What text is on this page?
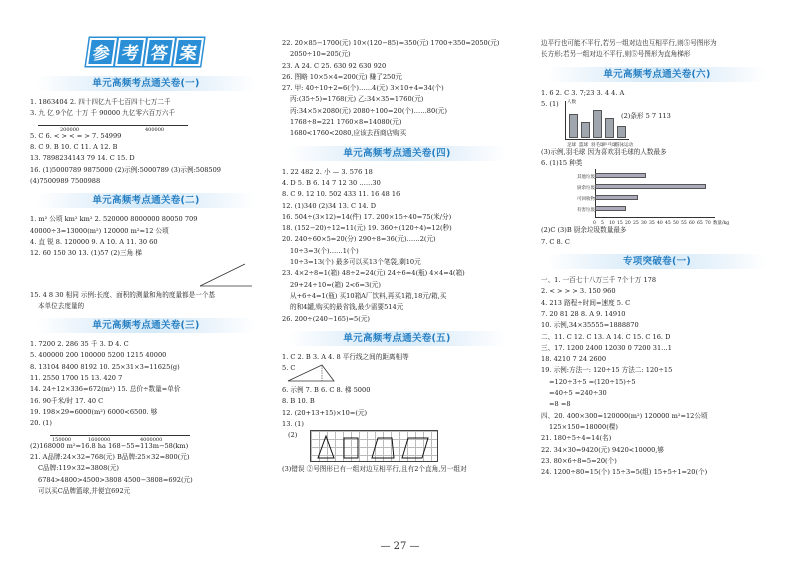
参 考 答 案
单元高频考点通关卷(一)
1. 1863404 2. 四十四亿九千七百四十七万二千
3. 九 亿 9个亿 十万 千 90000 九亿零六百万六千
200000	400000
5. C 6. < > < = > 7. 54999
8. C 9. B 10. C 11. A 12. B
13. 7898234143 79 14. C 15. D
16. (1)5000789 9875000 (2)示例:5000789 (3)示例:508509
(4)7500989 7500988
单元高频考点通关卷(二)
1. m² 公顷 km² km² 2. 520000 8000000 80050 709
40000÷3=13000(m²) 120000 m²=12 公顷
4. 直 锐 8. 120000 9. A 10. A 11. 30 60
12. 60 150 30 13. (1)57 (2)三角 梯
15. 4 8 30 相同 示例:长度、面积的测量和角的度量都是一个基
本单位去度量的
单元高频考点通关卷(三)
1. 7200 2. 286 35 千 3. D 4. C
5. 400000 200 100000 5200 1215 40000
8. 13104 8400 8192 10. 25×31×3=11625(g)
11. 2550 1700 15 13. 420 7
14. 24÷12×336=672(m²) 15. 总价÷数量=单价
16. 90千米/时 17. 40 C
19. 198×29≈6000(m²) 6000<6500. 够
20. (1)
150000	1600000	4000000
(2)168000 m²=16.8 ha 168−55=113m−58(km)
21. A品牌:24×32=768(元) B品牌:25×32=800(元)
C品牌:119×32=3808(元)
6784>4800>4500>3808 4500−3808=692(元)
可以买C品牌篮球,并便宜692元
22. 20×85−1700(元) 10×(120−85)=350(元) 1700+350=2050(元)
2050÷10=205(元)
23. A 24. C 25. 630 92 630 920
26. 图略 10×5×4=200(元) 赚了250元
27. 甲: 40÷10+2=6(个)……4(元) 3×10+4=34(个)
丙:(35÷5)=1768(元) 乙:34×35=1760(元)
丙:34×5×2080(元) 2080÷100=20(个)……80(元)
1768÷8=221 1760×8=14080(元)
1680<1760<2080,应该去西商店购买
单元高频考点通关卷(四)
1. 22 482 2. 小 — 3. 576 18
4. D 5. B 6. 14 7 12 30 ……30
8. C 9. 12 10. 502 433 11. 16 48 16
12. (1)340 (2)34 13. C 14. D
16. 504÷(3×12)=14(件) 17. 200×15÷40=75(米/分)
18. (152−20)÷12=11(元) 19. 360÷(120÷4)=12(秒)
20. 240÷60×5=20(分) 290÷8=36(元)……2(元)
10÷3=3(个)……1(个)
10÷3=13(个) 最多可以买13个笔袋,剩10元
23. 4×2÷8=1(箱) 48÷2=24(元) 24÷6=4(瓶) 4×4=4(箱)
29+24÷10=(箱) 2<6=3(元)
从+6÷4=1(瓶) 买10箱A厂饮料,再买1箱,18元/箱,买
的和4罐,购买的最省钱,最少需要514元
26. 200÷(240−165)=5(元)
单元高频考点通关卷(五)
1. C 2. B 3. A 4. 8 平行线之间的距离相等
5. C
6. 示例 7. B 6. C 8. 梯 5000
8. B 10. B
12. (20+13+15)×10=(元)
13. (1)
(2)
(3)错误 ②号图形已有一组对边互相平行,且有2个直角,另一组对
边平行也可能不平行,若另一组对边也互相平行,则⑤号图形为
长方形;若另一组对边不平行,则⑤号图形为直角梯形
单元高频考点通关卷(六)
1. 6 2. C 3. 7;23 3. 4 4. A
5. (1)
(2)条形 5 7 113
人数
足球 篮球 羽毛球
乒乓球
游泳运动
(3)示例,羽毛球 因为喜欢羽毛球的人数最多
6. (1)15 种类
其他垃圾
厨余垃圾
可回收物
有害垃圾
0 5 10 15 20 25 30 35 40 45 50 55 60 65 70 数量/kg
(2)C (3)B 厨余垃圾数量最多
7. C 8. C
专项突破卷(一)
一、1. 一百七十八万三千 7个十万 178
2. < > > > 3. 150 960
4. 213 路程÷时间=速度 5. C
7. 20 81 28 8. A 9. 14910
10. 示例,34×35555=1888870
二、11. C 12. C 13. A 14. C 15. C 16. D
三、17. 1200 2400 12030 0 7200 31…1
18. 4210 7 24 2600
19. 示例:方法一: 120÷15 方法二: 120÷15
=120÷3÷5 =(120÷15)÷5
=40÷5 =240÷30
=8 =8
四、20. 400×300=120000(m²) 120000 m²=12公顷
125×150=18000(棵)
21. 180÷5÷4=14(名)
22. 34×30=9420(元) 9420<10000,够
23. 80×6÷8=5=20(个)
24. 1200÷80=15(个) 15÷3=5(组) 15+5÷1=20(个)
— 27 —
